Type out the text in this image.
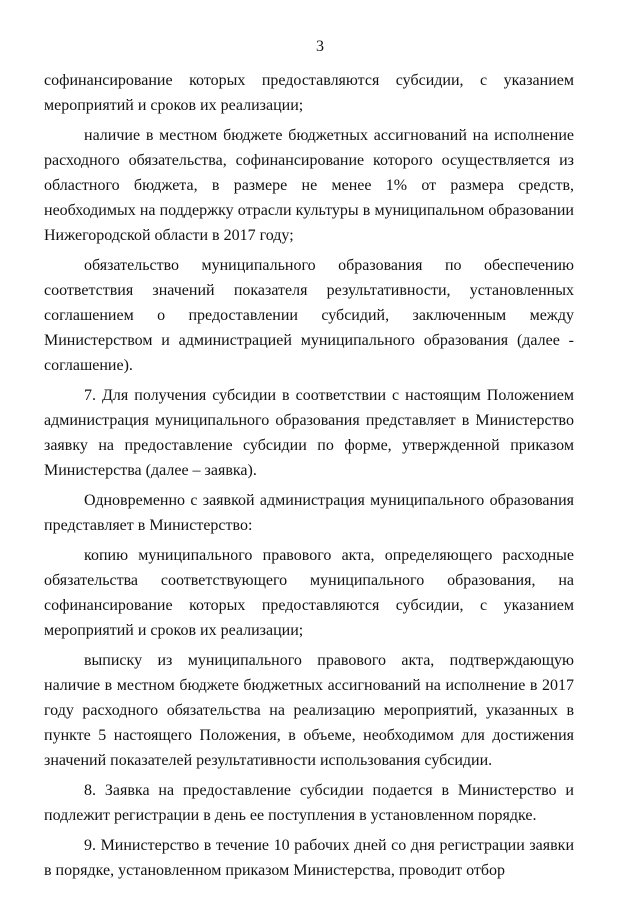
3

софинансирование которых предоставляются субсидии, с указанием мероприятий и сроков их реализации;

наличие в местном бюджете бюджетных ассигнований на исполнение расходного обязательства, софинансирование которого осуществляется из областного бюджета, в размере не менее 1% от размера средств, необходимых на поддержку отрасли культуры в муниципальном образовании Нижегородской области в 2017 году;

обязательство муниципального образования по обеспечению соответствия значений показателя результативности, установленных соглашением о предоставлении субсидий, заключенным между Министерством и администрацией муниципального образования (далее - соглашение).

7. Для получения субсидии в соответствии с настоящим Положением администрация муниципального образования представляет в Министерство заявку на предоставление субсидии по форме, утвержденной приказом Министерства (далее – заявка).

Одновременно с заявкой администрация муниципального образования представляет в Министерство:

копию муниципального правового акта, определяющего расходные обязательства соответствующего муниципального образования, на софинансирование которых предоставляются субсидии, с указанием мероприятий и сроков их реализации;

выписку из муниципального правового акта, подтверждающую наличие в местном бюджете бюджетных ассигнований на исполнение в 2017 году расходного обязательства на реализацию мероприятий, указанных в пункте 5 настоящего Положения, в объеме, необходимом для достижения значений показателей результативности использования субсидии.

8. Заявка на предоставление субсидии подается в Министерство и подлежит регистрации в день ее поступления в установленном порядке.

9. Министерство в течение 10 рабочих дней со дня регистрации заявки в порядке, установленном приказом Министерства, проводит отбор
